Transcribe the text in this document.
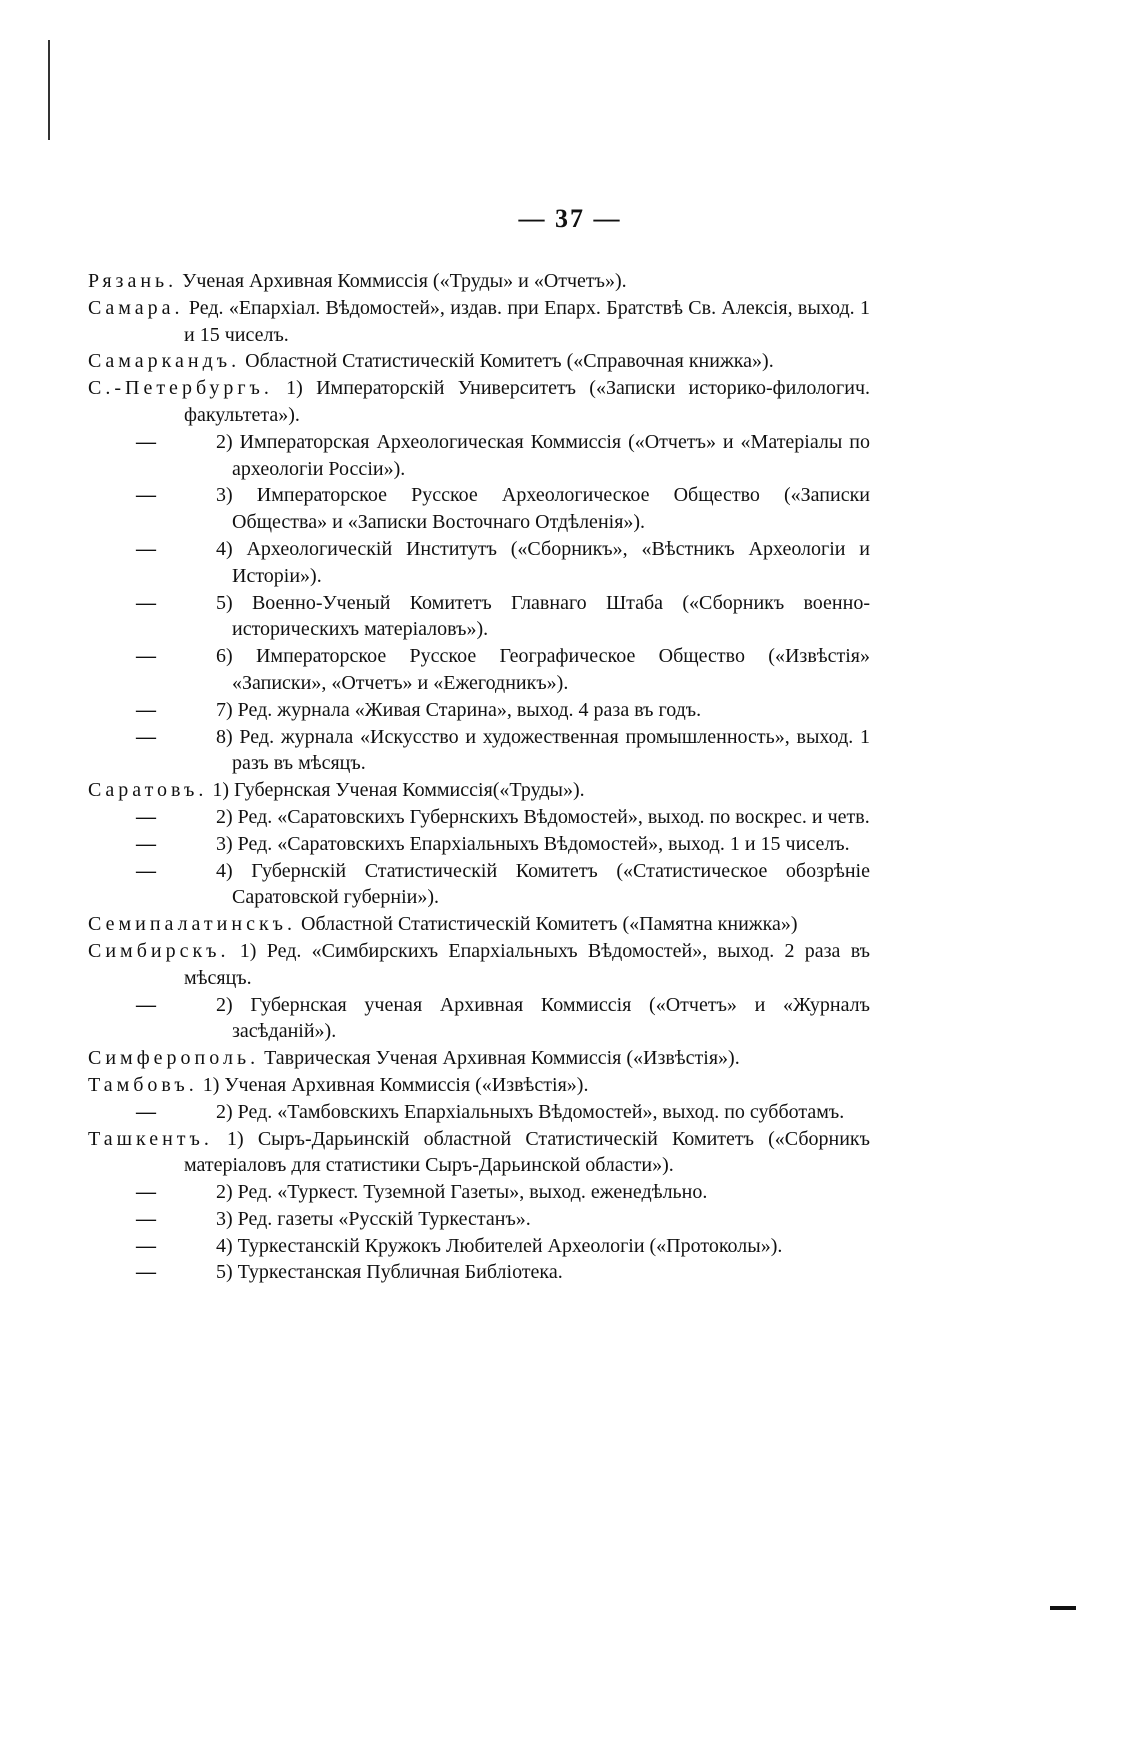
— 37 —
Рязань. Ученая Архивная Коммиссія («Труды» и «Отчетъ»).
Самара. Ред. «Епархіал. Вѣдомостей», издав. при Епарх. Братствѣ Св. Алексія, выход. 1 и 15 чиселъ.
Самаркандъ. Областной Статистическій Комитетъ («Справочная книжка»).
С.-Петербургъ. 1) Императорскій Университетъ («Записки историко-филологич. факультета»).
—	2) Императорская Археологическая Коммиссія («Отчетъ» и «Матеріалы по археологіи Россіи»).
—	3) Императорское Русское Археологическое Общество («Записки Общества» и «Записки Восточнаго Отдѣленія»).
—	4) Археологическій Институтъ («Сборникъ», «Вѣстникъ Археологіи и Исторіи»).
—	5) Военно-Ученый Комитетъ Главнаго Штаба («Сборникъ военно-историческихъ матеріаловъ»).
—	6) Императорское Русское Географическое Общество («Извѣстія» «Записки», «Отчетъ» и «Ежегодникъ»).
—	7) Ред. журнала «Живая Старина», выход. 4 раза въ годъ.
—	8) Ред. журнала «Искусство и художественная промышленность», выход. 1 разъ въ мѣсяцъ.
Саратовъ. 1) Губернская Ученая Коммиссія(«Труды»).
—	2) Ред. «Саратовскихъ Губернскихъ Вѣдомостей», выход. по воскрес. и четв.
—	3) Ред. «Саратовскихъ Епархіальныхъ Вѣдомостей», выход. 1 и 15 чиселъ.
—	4) Губернскій Статистическій Комитетъ («Статистическое обозрѣніе Саратовской губерніи»).
Семипалатинскъ. Областной Статистическій Комитетъ («Памятна книжка»)
Симбирскъ. 1) Ред. «Симбирскихъ Епархіальныхъ Вѣдомостей», выход. 2 раза въ мѣсяцъ.
—	2) Губернская ученая Архивная Коммиссія («Отчетъ» и «Журналъ засѣданій»).
Симферополь. Таврическая Ученая Архивная Коммиссія («Извѣстія»).
Тамбовъ. 1) Ученая Архивная Коммиссія («Извѣстія»).
—	2) Ред. «Тамбовскихъ Епархіальныхъ Вѣдомостей», выход. по субботамъ.
Ташкентъ. 1) Сыръ-Дарьинскій областной Статистическій Комитетъ («Сборникъ матеріаловъ для статистики Сыръ-Дарьинской области»).
—	2) Ред. «Туркест. Туземной Газеты», выход. еженедѣльно.
—	3) Ред. газеты «Русскій Туркестанъ».
—	4) Туркестанскій Кружокъ Любителей Археологіи («Протоколы»).
—	5) Туркестанская Публичная Библіотека.
